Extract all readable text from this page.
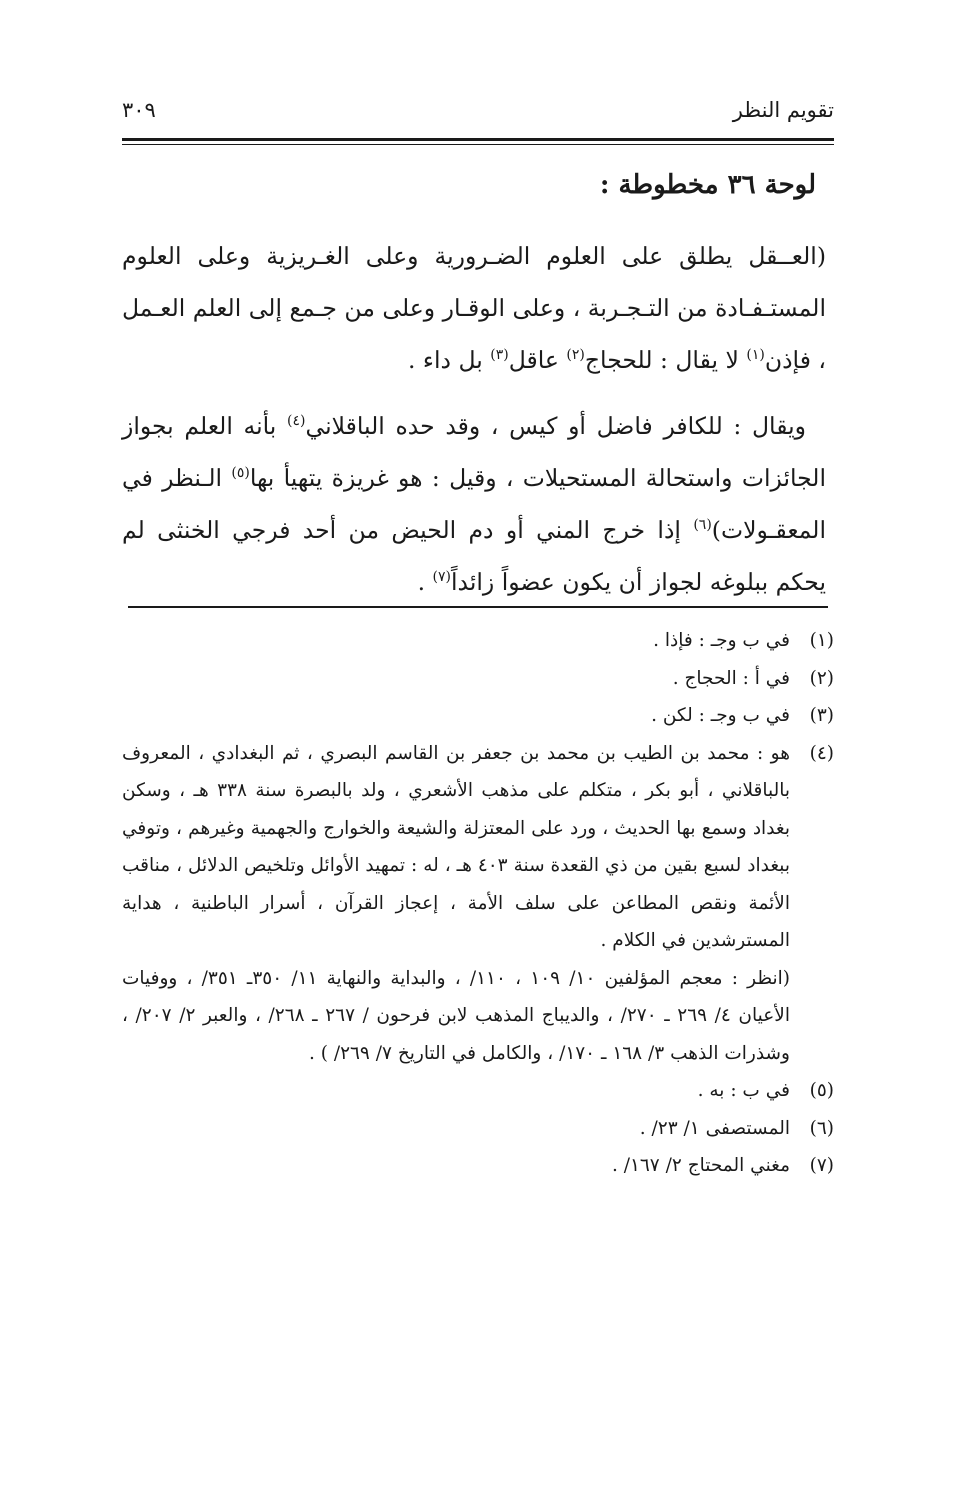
تقويم النظر
٣٠٩
لوحة ٣٦ مخطوطة :

(العــقل يطلق على العلوم الضـرورية وعلى الغـريزية وعلى العلوم المستـفـادة من التـجـربة ، وعلى الوقـار وعلى من جـمع إلى العلم العـمل ، فإذن$^{(١)}$ لا يقال : للحجاج$^{(٢)}$ عاقل$^{(٣)}$ بل داء .

ويقال : للكافر فاضل أو كيس ، وقد حده الباقلاني$^{(٤)}$ بأنه العلم بجواز الجائزات واستحالة المستحيلات ، وقيل : هو غريزة يتهيأ بها$^{(٥)}$ الـنظر في المعقـولات)$^{(٦)}$ إذا خرج المني أو دم الحيض من أحد فرجي الخنثى لم يحكم ببلوغه لجواز أن يكون عضواً زائداً$^{(٧)}$ .

(١)
في ب وجـ : فإذا .
(٢)
في أ : الحجاج .
(٣)
في ب وجـ : لكن .
(٤)
هو : محمد بن الطيب بن محمد بن جعفر بن القاسم البصري ، ثم البغدادي ، المعروف بالباقلاني ، أبو بكر ، متكلم على مذهب الأشعري ، ولد بالبصرة سنة ٣٣٨ هـ ، وسكن بغداد وسمع بها الحديث ، ورد على المعتزلة والشيعة والخوارج والجهمية وغيرهم ، وتوفي ببغداد لسبع بقين من ذي القعدة سنة ٤٠٣ هـ ، له : تمهيد الأوائل وتلخيص الدلائل ، مناقب الأئمة ونقص المطاعن على سلف الأمة ، إعجاز القرآن ، أسرار الباطنية ، هداية المسترشدين في الكلام .
(انظر : معجم المؤلفين ١٠/ ١٠٩ ، ١١٠/ ، والبداية والنهاية ١١/ ٣٥٠ـ ٣٥١/ ، ووفيات الأعيان ٤/ ٢٦٩ ـ ٢٧٠/ ، والديباج المذهب لابن فرحون / ٢٦٧ ـ ٢٦٨/ ، والعبر ٢/ ٢٠٧/ ، وشذرات الذهب ٣/ ١٦٨ ـ ١٧٠/ ، والكامل في التاريخ ٧/ ٢٦٩/ ) .
(٥)
في ب : به .
(٦)
المستصفى ١/ ٢٣/ .
(٧)
مغني المحتاج ٢/ ١٦٧/ .
